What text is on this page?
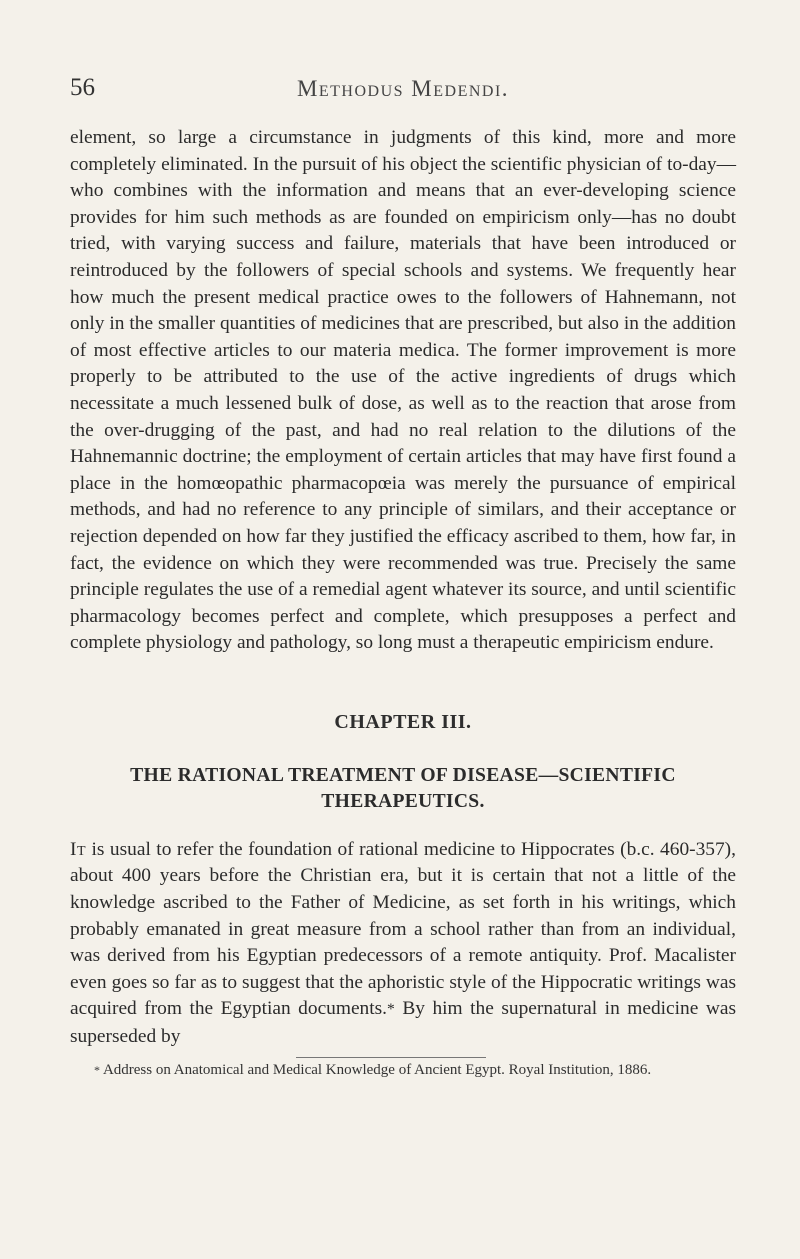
56	Methodus Medendi.

element, so large a circumstance in judgments of this kind, more and more completely eliminated. In the pursuit of his object the scientific physician of to-day—who combines with the information and means that an ever-developing science provides for him such methods as are founded on empiricism only—has no doubt tried, with varying success and failure, materials that have been introduced or reintroduced by the followers of special schools and systems. We frequently hear how much the present medical practice owes to the followers of Hahnemann, not only in the smaller quantities of medicines that are prescribed, but also in the addition of most effective articles to our materia medica. The former improvement is more properly to be attributed to the use of the active ingredients of drugs which necessitate a much lessened bulk of dose, as well as to the reaction that arose from the over-drugging of the past, and had no real relation to the dilutions of the Hahnemannic doctrine; the employment of certain articles that may have first found a place in the homœopathic pharmacopœia was merely the pursuance of empirical methods, and had no reference to any principle of similars, and their acceptance or rejection depended on how far they justified the efficacy ascribed to them, how far, in fact, the evidence on which they were recommended was true. Precisely the same principle regulates the use of a remedial agent whatever its source, and until scientific pharmacology becomes perfect and complete, which presupposes a perfect and complete physiology and pathology, so long must a therapeutic empiricism endure.

CHAPTER III.
THE RATIONAL TREATMENT OF DISEASE—SCIENTIFIC THERAPEUTICS.

It is usual to refer the foundation of rational medicine to Hippocrates (b.c. 460-357), about 400 years before the Christian era, but it is certain that not a little of the knowledge ascribed to the Father of Medicine, as set forth in his writings, which probably emanated in great measure from a school rather than from an individual, was derived from his Egyptian predecessors of a remote antiquity. Prof. Macalister even goes so far as to suggest that the aphoristic style of the Hippocratic writings was acquired from the Egyptian documents.* By him the supernatural in medicine was superseded by

* Address on Anatomical and Medical Knowledge of Ancient Egypt. Royal Institution, 1886.
